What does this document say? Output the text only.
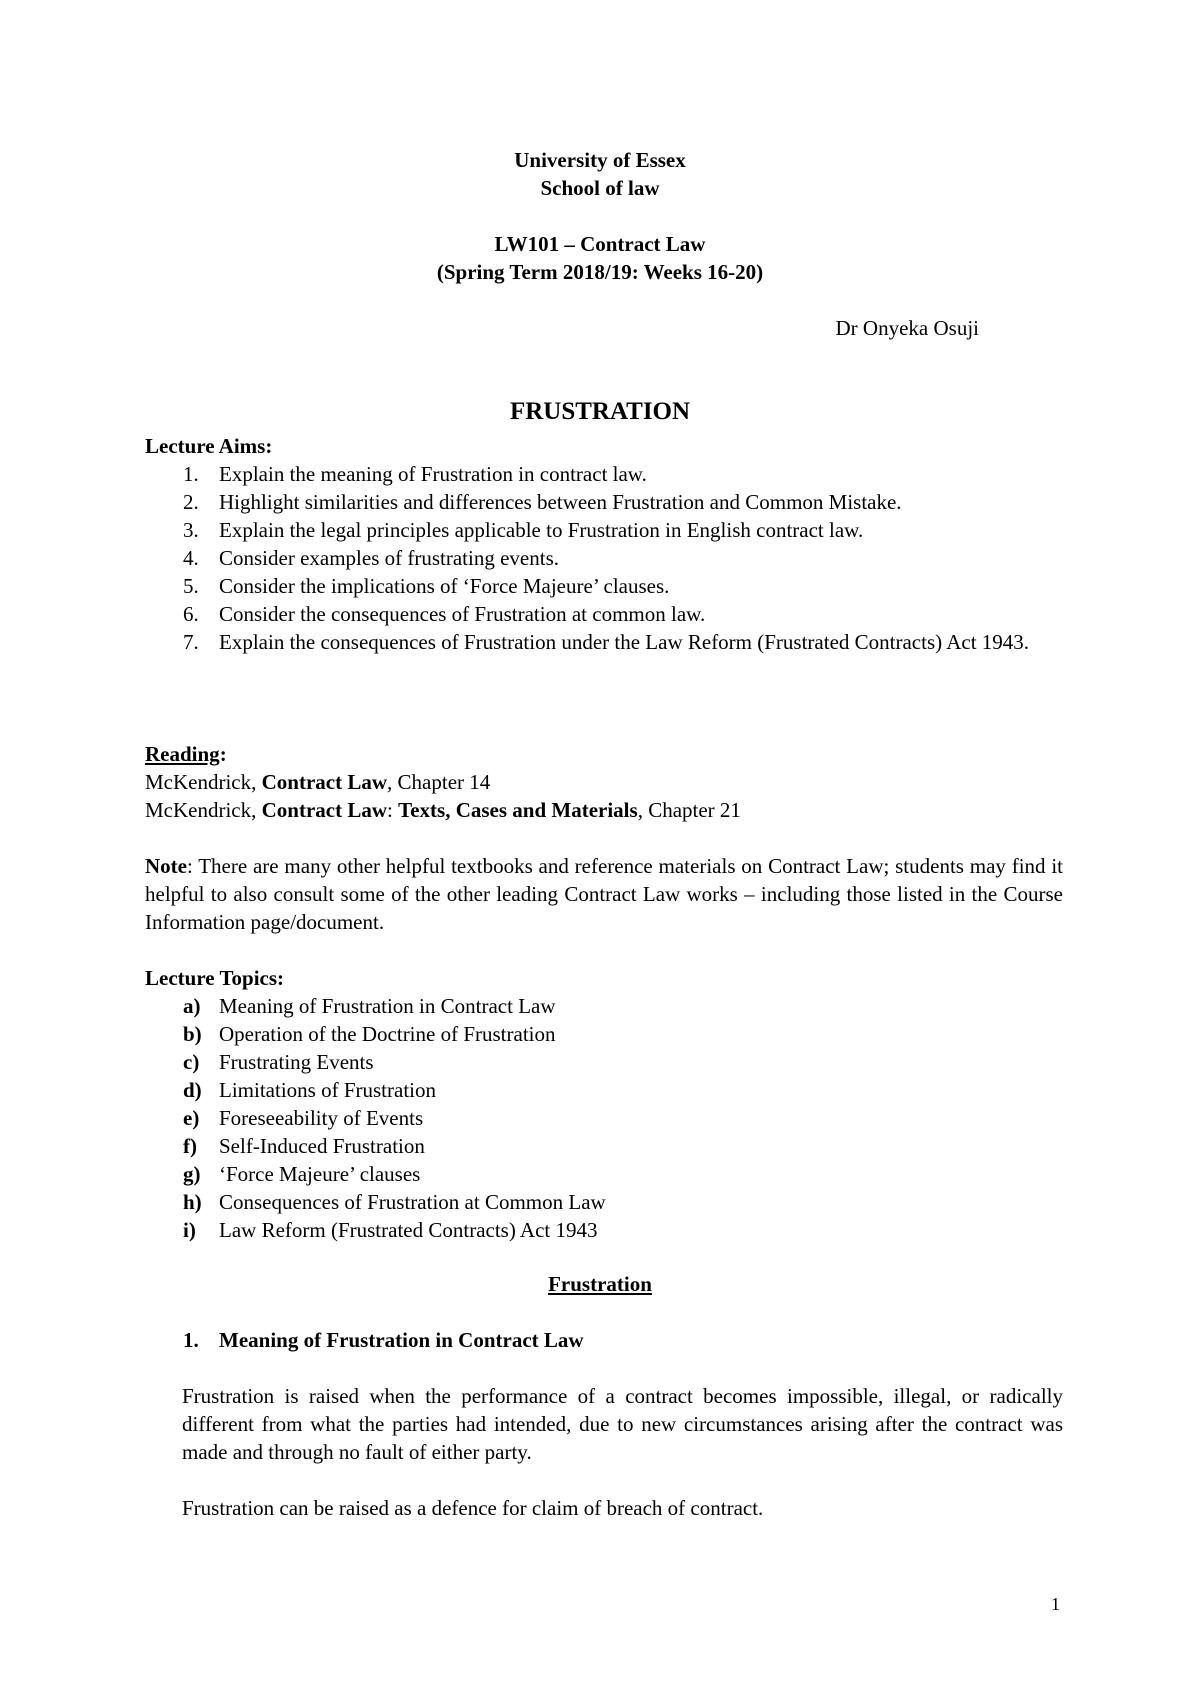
University of Essex
School of law
LW101 – Contract Law
(Spring Term 2018/19: Weeks 16-20)
Dr Onyeka Osuji
FRUSTRATION
Lecture Aims:
1. Explain the meaning of Frustration in contract law.
2. Highlight similarities and differences between Frustration and Common Mistake.
3. Explain the legal principles applicable to Frustration in English contract law.
4. Consider examples of frustrating events.
5. Consider the implications of ‘Force Majeure’ clauses.
6. Consider the consequences of Frustration at common law.
7. Explain the consequences of Frustration under the Law Reform (Frustrated Contracts) Act 1943.
Reading:
McKendrick, Contract Law, Chapter 14
McKendrick, Contract Law: Texts, Cases and Materials, Chapter 21
Note: There are many other helpful textbooks and reference materials on Contract Law; students may find it helpful to also consult some of the other leading Contract Law works – including those listed in the Course Information page/document.
Lecture Topics:
a) Meaning of Frustration in Contract Law
b) Operation of the Doctrine of Frustration
c) Frustrating Events
d) Limitations of Frustration
e) Foreseeability of Events
f) Self-Induced Frustration
g) ‘Force Majeure’ clauses
h) Consequences of Frustration at Common Law
i) Law Reform (Frustrated Contracts) Act 1943
Frustration
1. Meaning of Frustration in Contract Law
Frustration is raised when the performance of a contract becomes impossible, illegal, or radically different from what the parties had intended, due to new circumstances arising after the contract was made and through no fault of either party.
Frustration can be raised as a defence for claim of breach of contract.
1
